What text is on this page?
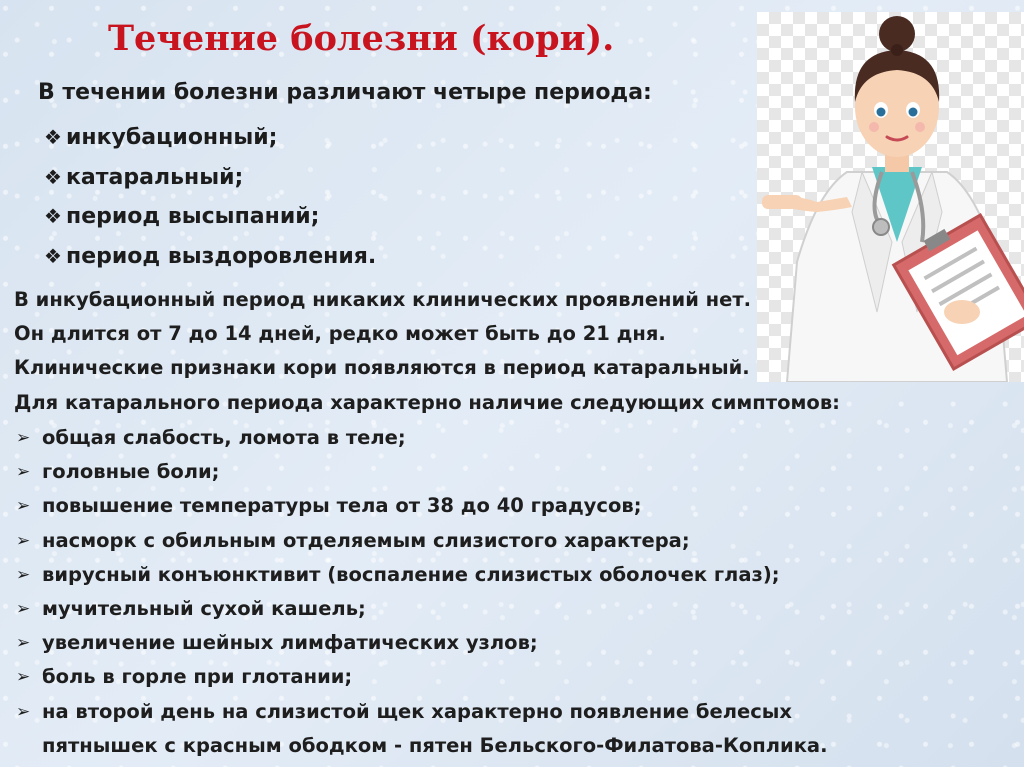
Течение болезни (кори).
В течении болезни различают четыре периода:
❖ инкубационный;
❖ катаральный;
❖ период высыпаний;
❖ период выздоровления.
В инкубационный период никаких клинических проявлений нет.
Он длится от 7 до 14 дней, редко может быть до 21 дня.
Клинические признаки кори появляются в период катаральный.
Для катарального периода характерно наличие следующих симптомов:
➢ общая слабость, ломота в теле;
➢ головные боли;
➢ повышение температуры тела от 38 до 40 градусов;
➢ насморк с обильным отделяемым слизистого характера;
➢ вирусный конъюнктивит (воспаление слизистых оболочек глаз);
➢ мучительный сухой кашель;
➢ увеличение шейных лимфатических узлов;
➢ боль в горле при глотании;
➢ на второй день на слизистой щек характерно появление белесых
пятнышек с красным ободком - пятен Бельского-Филатова-Коплика.
